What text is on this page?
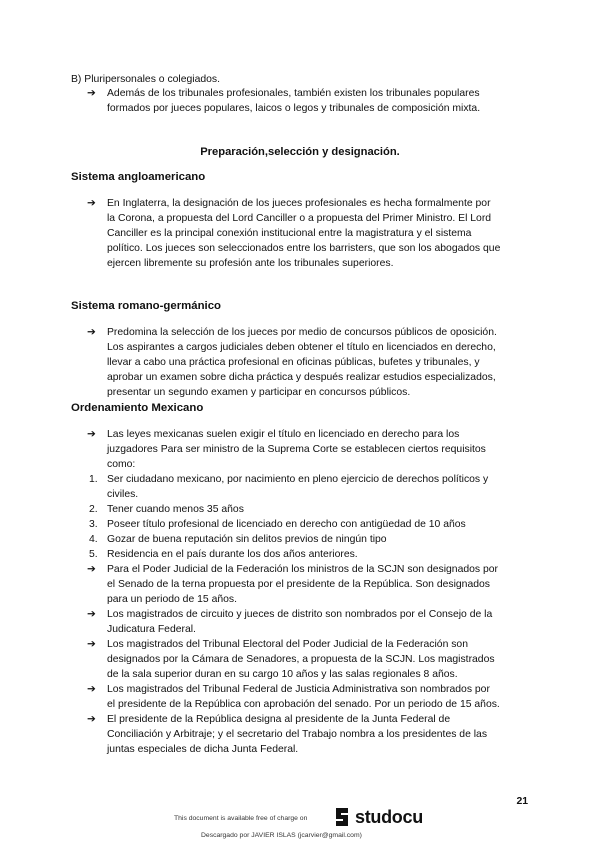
B) Pluripersonales o colegiados.
➔ Además de los tribunales profesionales, también existen los tribunales populares
formados por jueces populares, laicos o legos y tribunales de composición mixta.
Preparación,selección y designación.
Sistema angloamericano
➔ En Inglaterra, la designación de los jueces profesionales es hecha formalmente por
la Corona, a propuesta del Lord Canciller o a propuesta del Primer Ministro. El Lord
Canciller es la principal conexión institucional entre la magistratura y el sistema
político. Los jueces son seleccionados entre los barristers, que son los abogados que
ejercen libremente su profesión ante los tribunales superiores.
Sistema romano-germánico
➔ Predomina la selección de los jueces por medio de concursos públicos de oposición.
Los aspirantes a cargos judiciales deben obtener el título en licenciados en derecho,
llevar a cabo una práctica profesional en oficinas públicas, bufetes y tribunales, y
aprobar un examen sobre dicha práctica y después realizar estudios especializados,
presentar un segundo examen y participar en concursos públicos.
Ordenamiento Mexicano
➔ Las leyes mexicanas suelen exigir el título en licenciado en derecho para los
juzgadores Para ser ministro de la Suprema Corte se establecen ciertos requisitos
como:
1. Ser ciudadano mexicano, por nacimiento en pleno ejercicio de derechos políticos y
civiles.
2. Tener cuando menos 35 años
3. Poseer título profesional de licenciado en derecho con antigüedad de 10 años
4. Gozar de buena reputación sin delitos previos de ningún tipo
5. Residencia en el país durante los dos años anteriores.
➔ Para el Poder Judicial de la Federación los ministros de la SCJN son designados por
el Senado de la terna propuesta por el presidente de la República. Son designados
para un periodo de 15 años.
➔ Los magistrados de circuito y jueces de distrito son nombrados por el Consejo de la
Judicatura Federal.
➔ Los magistrados del Tribunal Electoral del Poder Judicial de la Federación son
designados por la Cámara de Senadores, a propuesta de la SCJN. Los magistrados
de la sala superior duran en su cargo 10 años y las salas regionales 8 años.
➔ Los magistrados del Tribunal Federal de Justicia Administrativa son nombrados por
el presidente de la República con aprobación del senado. Por un periodo de 15 años.
➔ El presidente de la República designa al presidente de la Junta Federal de
Conciliación y Arbitraje; y el secretario del Trabajo nombra a los presidentes de las
juntas especiales de dicha Junta Federal.
21
This document is available free of charge on	studocu
Descargado por JAVIER ISLAS (jcarvier@gmail.com)
